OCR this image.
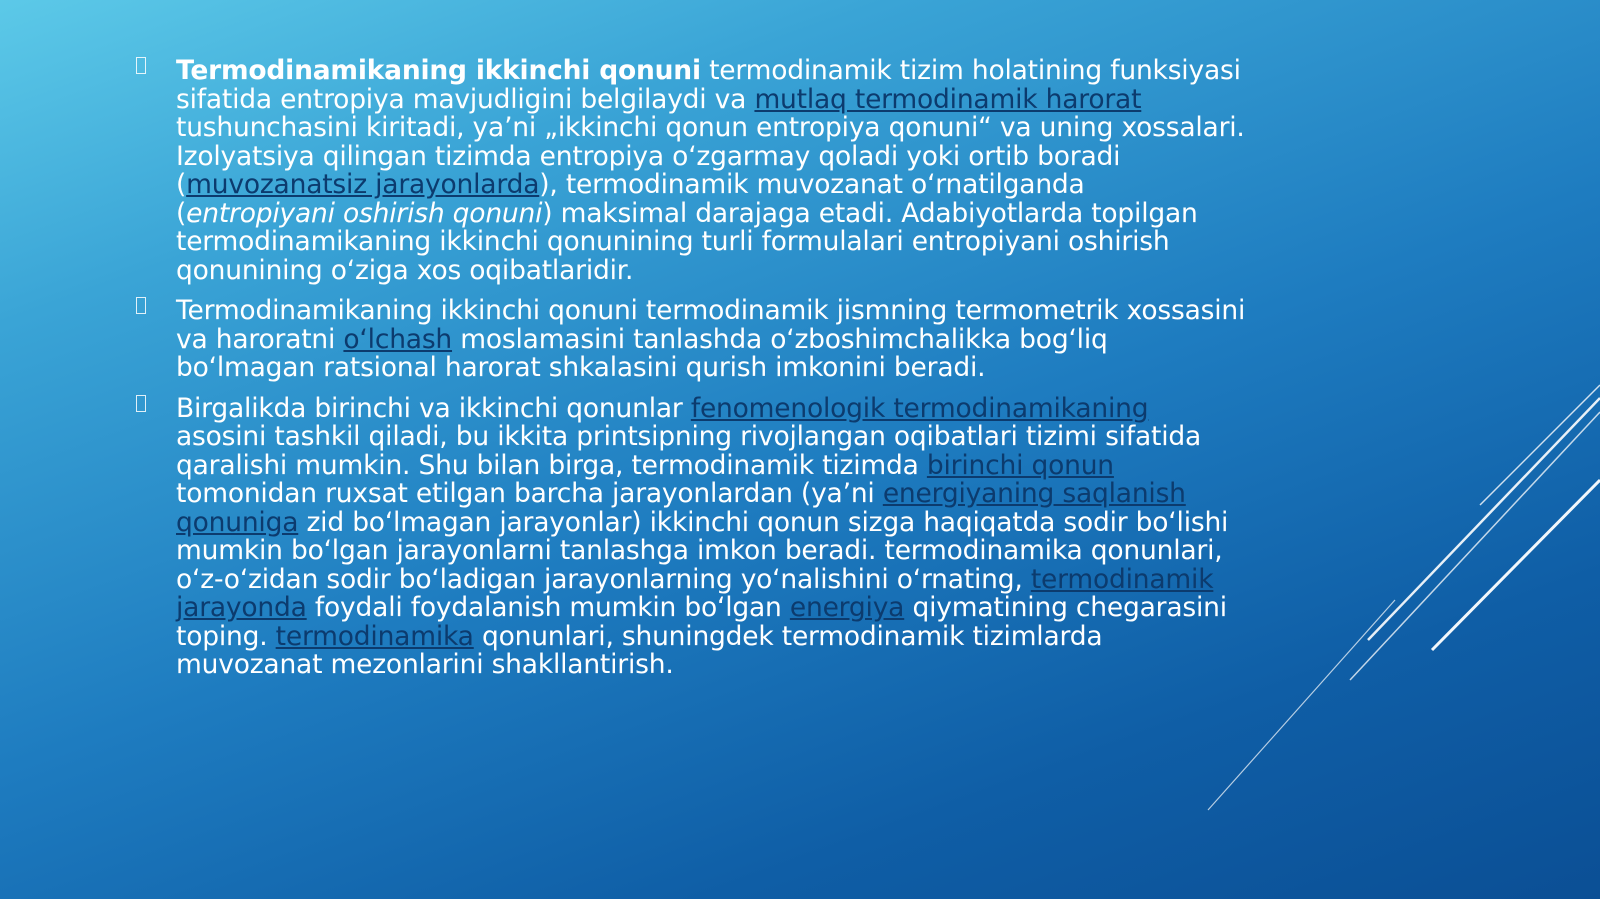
Termodinamikaning ikkinchi qonuni termodinamik tizim holatining funksiyasi sifatida entropiya mavjudligini belgilaydi va mutlaq termodinamik harorat tushunchasini kiritadi, ya’ni „ikkinchi qonun entropiya qonuni“ va uning xossalari. Izolyatsiya qilingan tizimda entropiya o‘zgarmay qoladi yoki ortib boradi (muvozanatsiz jarayonlarda), termodinamik muvozanat o‘rnatilganda (entropiyani oshirish qonuni) maksimal darajaga etadi. Adabiyotlarda topilgan termodinamikaning ikkinchi qonunining turli formulalari entropiyani oshirish qonunining o‘ziga xos oqibatlaridir.
Termodinamikaning ikkinchi qonuni termodinamik jismning termometrik xossasini va haroratni o‘lchash moslamasini tanlashda o‘zboshimchalikka bog‘liq bo‘lmagan ratsional harorat shkalasini qurish imkonini beradi.
Birgalikda birinchi va ikkinchi qonunlar fenomenologik termodinamikaning asosini tashkil qiladi, bu ikkita printsipning rivojlangan oqibatlari tizimi sifatida qaralishi mumkin. Shu bilan birga, termodinamik tizimda birinchi qonun tomonidan ruxsat etilgan barcha jarayonlardan (ya’ni energiyaning saqlanish qonuniga zid bo‘lmagan jarayonlar) ikkinchi qonun sizga haqiqatda sodir bo‘lishi mumkin bo‘lgan jarayonlarni tanlashga imkon beradi. termodinamika qonunlari, o‘z-o‘zidan sodir bo‘ladigan jarayonlarning yo‘nalishini o‘rnating, termodinamik jarayonda foydali foydalanish mumkin bo‘lgan energiya qiymatining chegarasini toping. termodinamika qonunlari, shuningdek termodinamik tizimlarda muvozanat mezonlarini shakllantirish.
